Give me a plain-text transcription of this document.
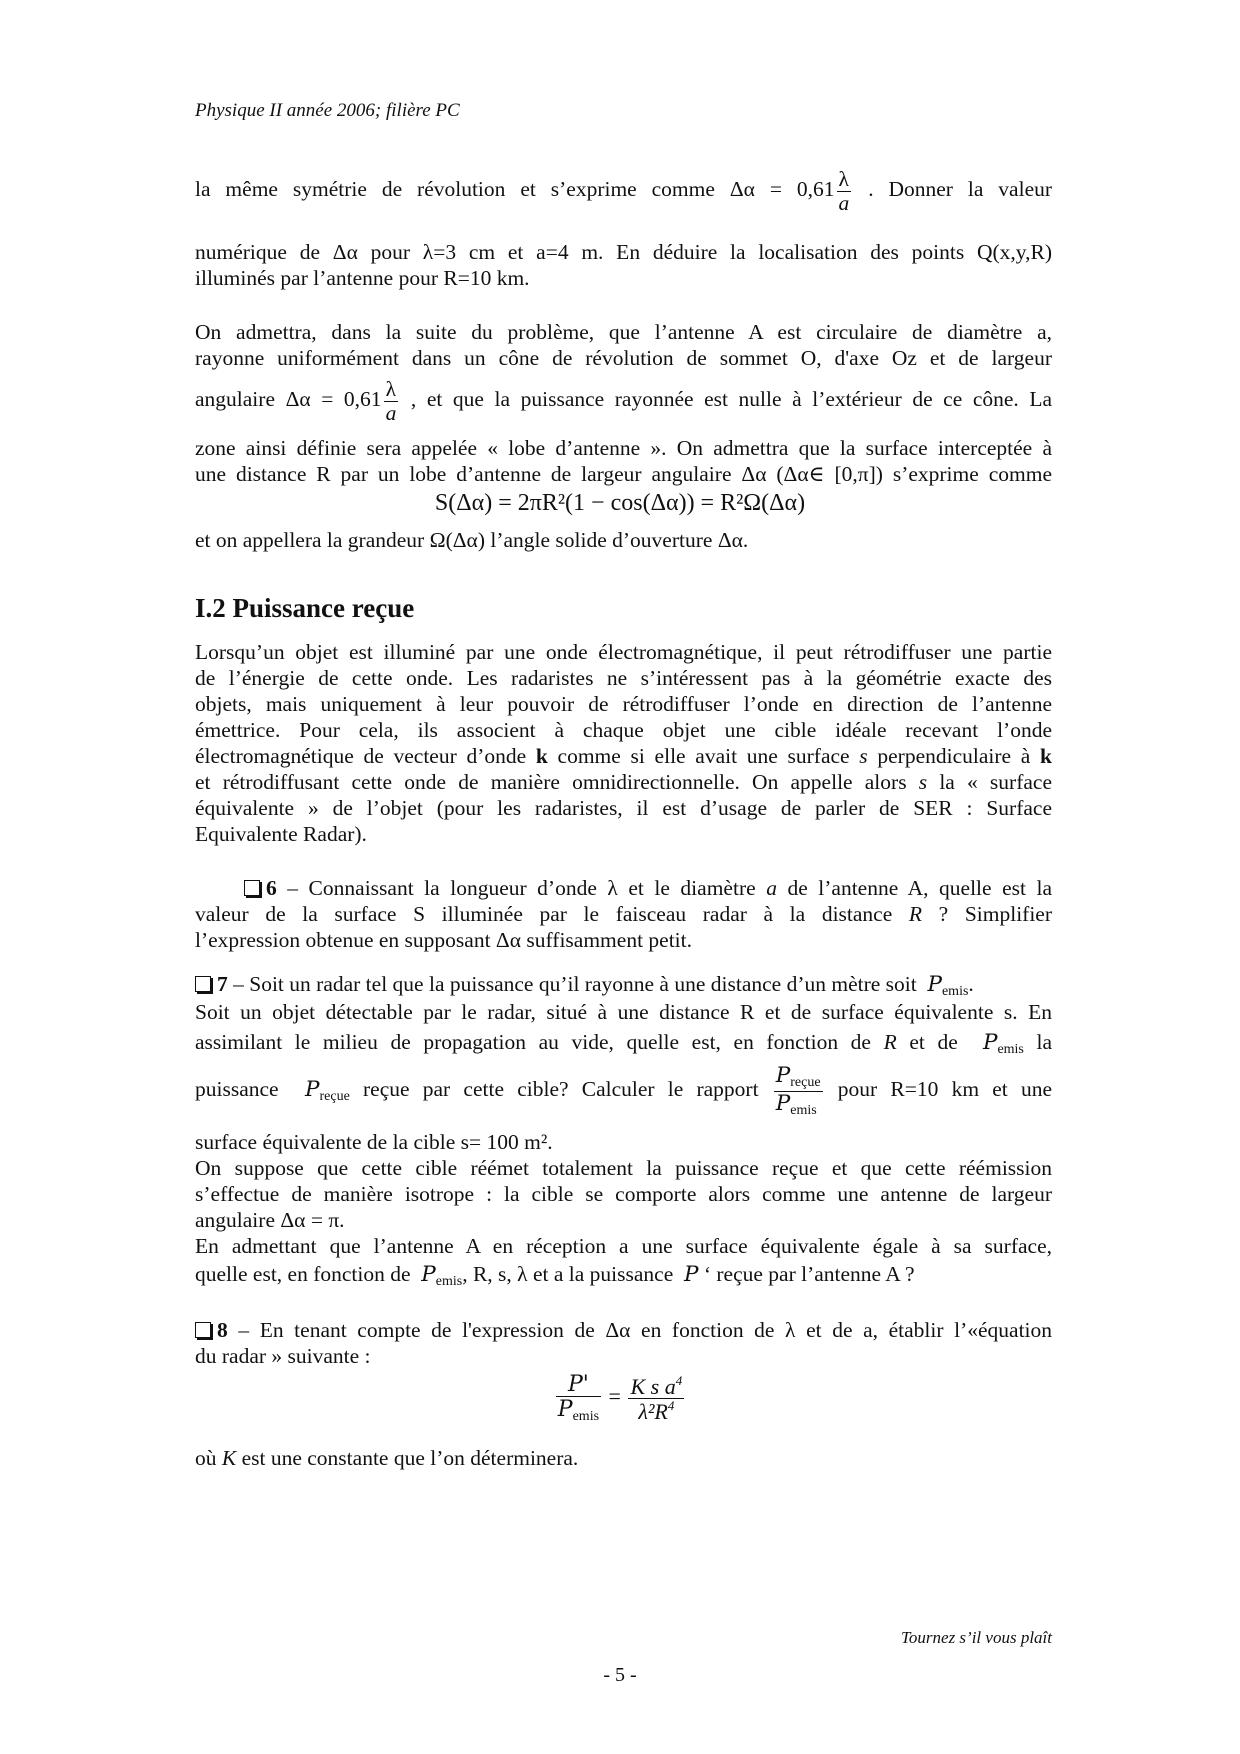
Physique II année 2006; filière PC
la même symétrie de révolution et s’exprime comme $\Delta\alpha = 0,61 \frac{\lambda}{a}$ . Donner la valeur
numérique de Δα pour λ=3 cm et a=4 m. En déduire la localisation des points Q(x,y,R)
illuminés par l’antenne pour R=10 km.
On admettra, dans la suite du problème, que l’antenne A est circulaire de diamètre a,
rayonne uniformément dans un cône de révolution de sommet O, d'axe Oz et de largeur
angulaire $\Delta\alpha = 0,61 \frac{\lambda}{a}$ , et que la puissance rayonnée est nulle à l’extérieur de ce cône. La
zone ainsi définie sera appelée « lobe d’antenne ». On admettra que la surface interceptée à
une distance R par un lobe d’antenne de largeur angulaire Δα (Δα∈ [0,π]) s’exprime comme
S(Δα) = 2πR²(1 − cos(Δα)) = R²Ω(Δα)
et on appellera la grandeur Ω(Δα) l’angle solide d’ouverture Δα.
I.2 Puissance reçue
Lorsqu’un objet est illuminé par une onde électromagnétique, il peut rétrodiffuser une partie
de l’énergie de cette onde. Les radaristes ne s’intéressent pas à la géométrie exacte des
objets, mais uniquement à leur pouvoir de rétrodiffuser l’onde en direction de l’antenne
émettrice. Pour cela, ils associent à chaque objet une cible idéale recevant l’onde
électromagnétique de vecteur d’onde k comme si elle avait une surface s perpendiculaire à k
et rétrodiffusant cette onde de manière omnidirectionnelle. On appelle alors s la « surface
équivalente » de l’objet (pour les radaristes, il est d’usage de parler de SER : Surface
Equivalente Radar).
6 – Connaissant la longueur d’onde λ et le diamètre a de l’antenne A, quelle est la
valeur de la surface S illuminée par le faisceau radar à la distance R ? Simplifier
l’expression obtenue en supposant Δα suffisamment petit.
7 – Soit un radar tel que la puissance qu’il rayonne à une distance d’un mètre soit $P_{emis}$.
Soit un objet détectable par le radar, situé à une distance R et de surface équivalente s. En
assimilant le milieu de propagation au vide, quelle est, en fonction de R et de $P_{emis}$ la
puissance $P_{reçue}$ reçue par cette cible? Calculer le rapport $\frac{P_{reçue}}{P_{emis}}$ pour R=10 km et une
surface équivalente de la cible s= 100 m².
On suppose que cette cible réémet totalement la puissance reçue et que cette réémission
s’effectue de manière isotrope : la cible se comporte alors comme une antenne de largeur
angulaire Δα = π.
En admettant que l’antenne A en réception a une surface équivalente égale à sa surface,
quelle est, en fonction de $P_{emis}$, R, s, λ et a la puissance P ‘ reçue par l’antenne A ?
8 – En tenant compte de l'expression de Δα en fonction de λ et de a, établir l’«équation
du radar » suivante :
$\frac{P'}{P_{emis}} = \frac{K s a^4}{\lambda^2R^4}$
où K est une constante que l’on déterminera.
Tournez s’il vous plaît
- 5 -
